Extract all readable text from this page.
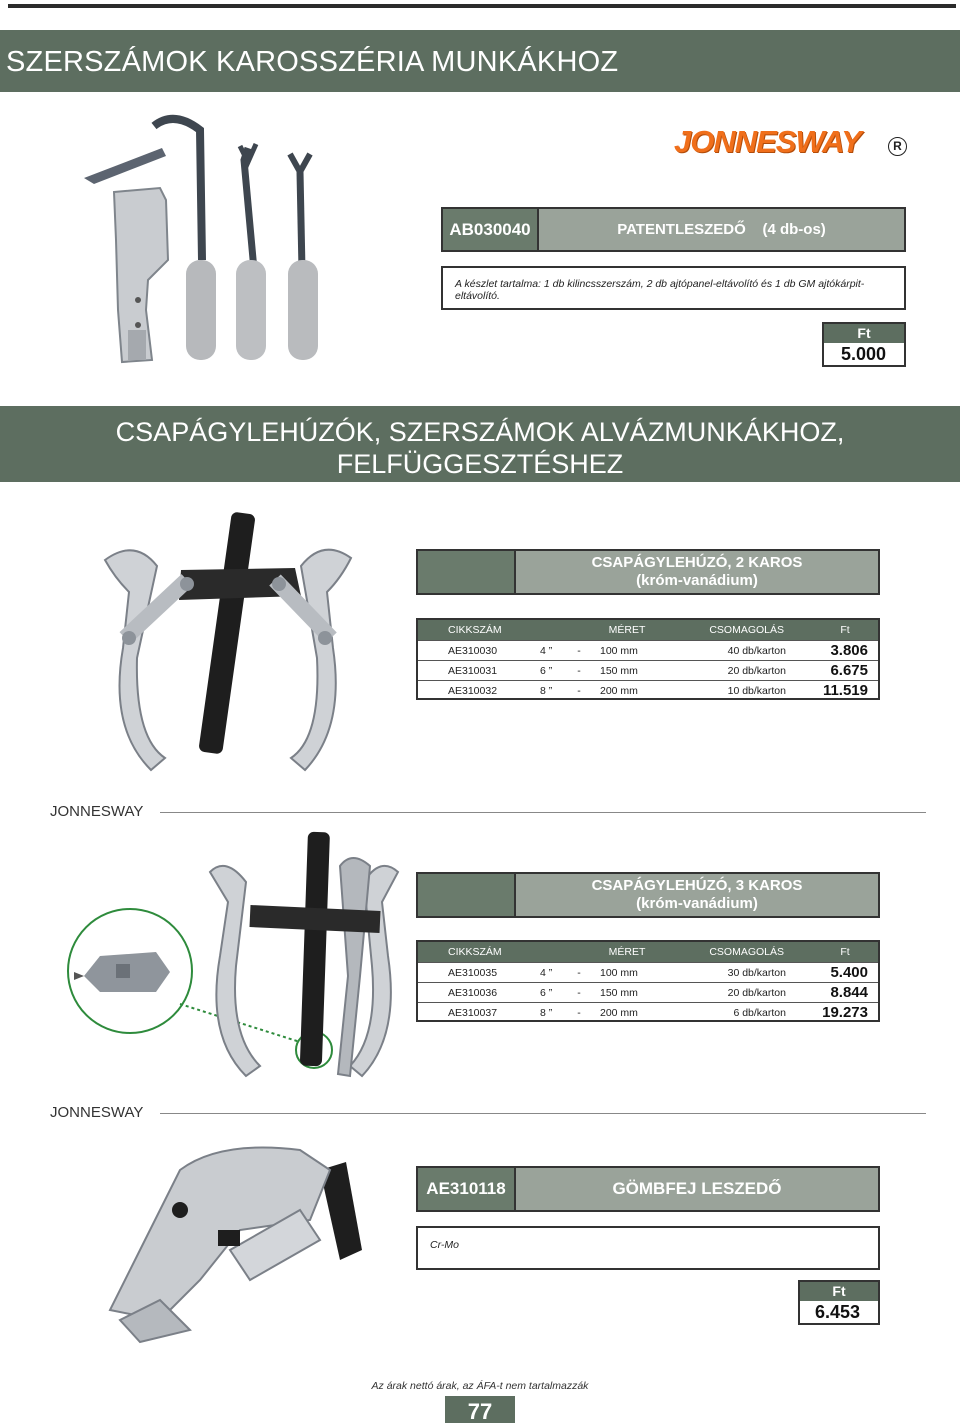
SZERSZÁMOK KAROSSZÉRIA MUNKÁKHOZ
JONNESWAY	R
AB030040	PATENTLESZEDŐ    (4 db-os)
A készlet tartalma: 1 db kilincsszerszám, 2 db ajtópanel-eltávolító és 1 db GM ajtókárpit-eltávolító.
Ft
5.000
CSAPÁGYLEHÚZÓK, SZERSZÁMOK ALVÁZMUNKÁKHOZ,
FELFÜGGESZTÉSHEZ
CSAPÁGYLEHÚZÓ, 2 KAROS
(króm-vanádium)
CIKKSZÁM	MÉRET	CSOMAGOLÁS	Ft
AE310030	4 ”	-	100 mm	40 db/karton	3.806
AE310031	6 ”	-	150 mm	20 db/karton	6.675
AE310032	8 ”	-	200 mm	10 db/karton	11.519
JONNESWAY
CSAPÁGYLEHÚZÓ, 3 KAROS
(króm-vanádium)
CIKKSZÁM	MÉRET	CSOMAGOLÁS	Ft
AE310035	4 ”	-	100 mm	30 db/karton	5.400
AE310036	6 ”	-	150 mm	20 db/karton	8.844
AE310037	8 ”	-	200 mm	6 db/karton	19.273
JONNESWAY
AE310118	GÖMBFEJ LESZEDŐ
Cr-Mo
Ft
6.453
Az árak nettó árak, az ÁFA-t nem tartalmazzák
77
